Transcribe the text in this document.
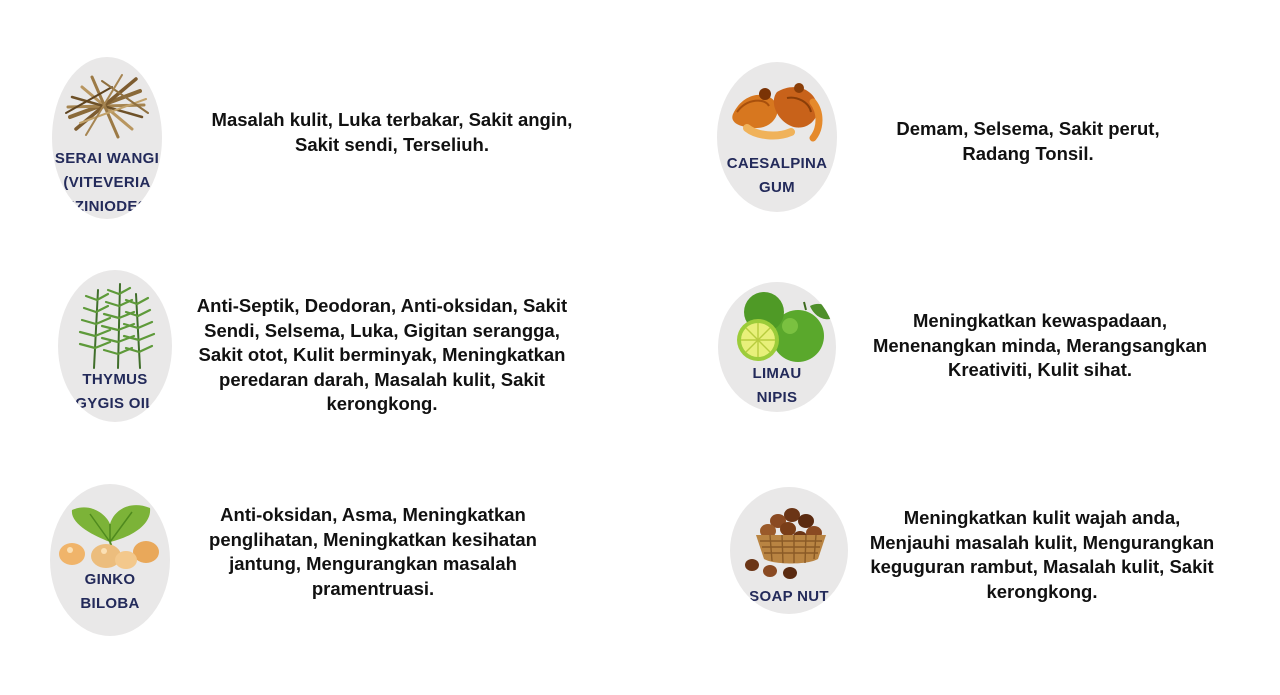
SERAI WANGI
(VITEVERIA
ZIZINIODES)
Masalah kulit, Luka terbakar, Sakit angin,
Sakit sendi, Terseliuh.
CAESALPINA
GUM
Demam, Selsema, Sakit perut,
Radang Tonsil.
THYMUS
GYGIS OIL
Anti-Septik, Deodoran, Anti-oksidan, Sakit
Sendi, Selsema, Luka, Gigitan serangga,
Sakit otot, Kulit berminyak, Meningkatkan
peredaran darah, Masalah kulit, Sakit
kerongkong.
LIMAU
NIPIS
Meningkatkan kewaspadaan,
Menenangkan minda, Merangsangkan
Kreativiti, Kulit sihat.
GINKO
BILOBA
Anti-oksidan, Asma, Meningkatkan
penglihatan, Meningkatkan kesihatan
jantung, Mengurangkan masalah
pramentruasi.	SOAP NUT
Meningkatkan kulit wajah anda,
Menjauhi masalah kulit, Mengurangkan
keguguran rambut, Masalah kulit, Sakit
kerongkong.
